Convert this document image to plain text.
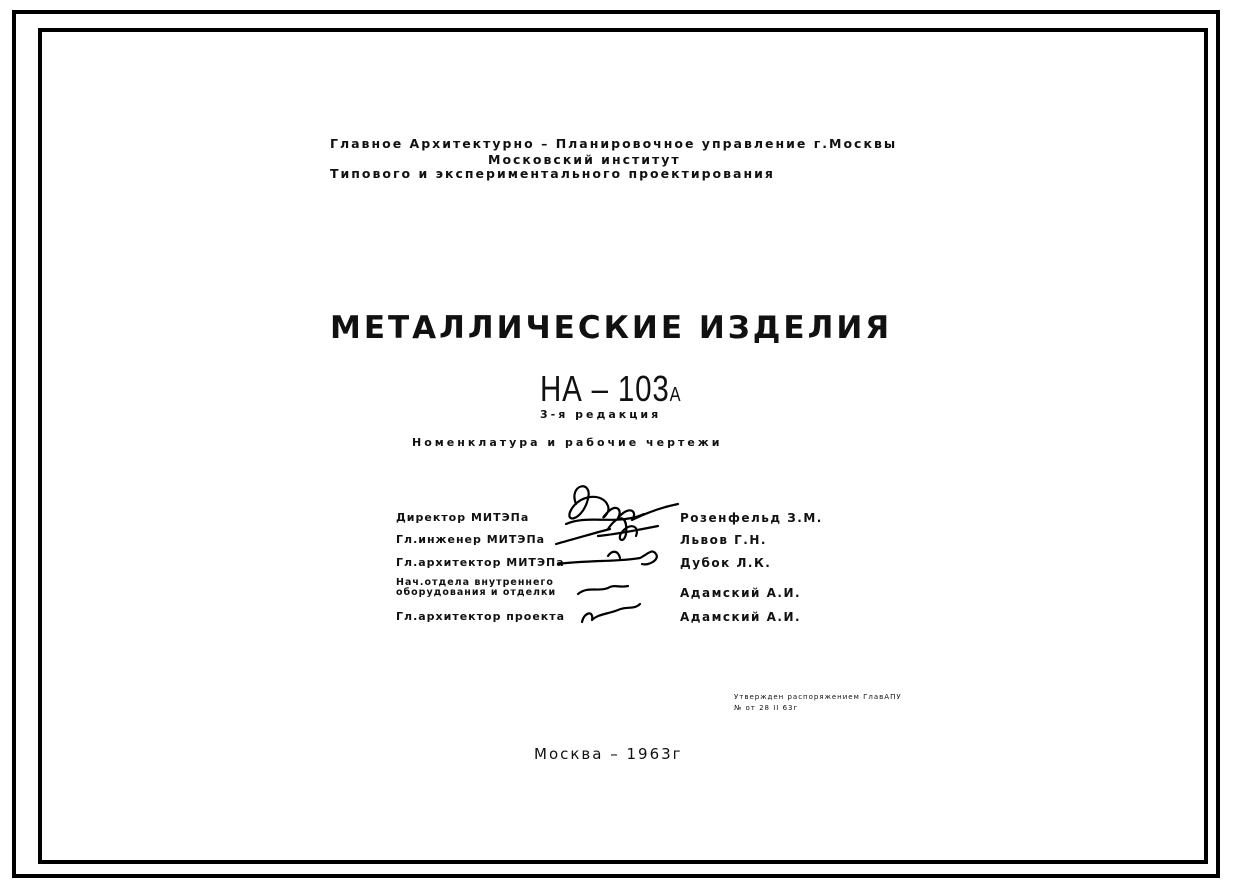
Главное Архитектурно – Планировочное управление г.Москвы
Московский институт
Типового и экспериментального проектирования
МЕТАЛЛИЧЕСКИЕ ИЗДЕЛИЯ
НА – 103А
3-я редакция
Номенклатура и рабочие чертежи
Директор МИТЭПа	Розенфельд З.М.
Гл.инженер МИТЭПа	Львов Г.Н.
Гл.архитектор МИТЭПа	Дубок Л.К.
Нач.отдела внутреннего
оборудования и отделки	Адамский А.И.
Гл.архитектор проекта	Адамский А.И.
Утвержден распоряжением ГлавАПУ
№ от 28 II 63г
Москва – 1963г
